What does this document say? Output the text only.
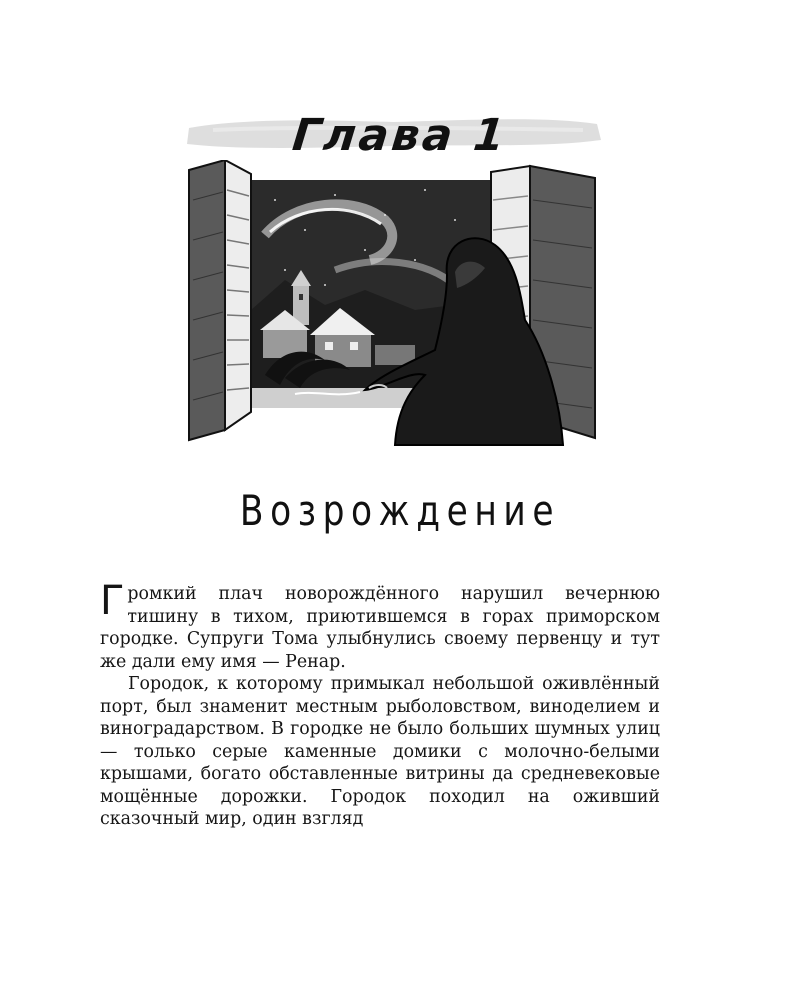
Глава 1
Возрождение

Громкий плач новорождённого нарушил вечернюю тишину в тихом, приютившемся в горах приморском городке. Супруги Тома улыбнулись своему первенцу и тут же дали ему имя — Ренар.

Городок, к которому примыкал небольшой оживлённый порт, был знаменит местным рыболовством, виноделием и виноградарством. В городке не было больших шумных улиц — только серые каменные домики с молочно-белыми крышами, богато обставленные витрины да средневековые мощённые дорожки. Городок походил на оживший сказочный мир, один взгляд
